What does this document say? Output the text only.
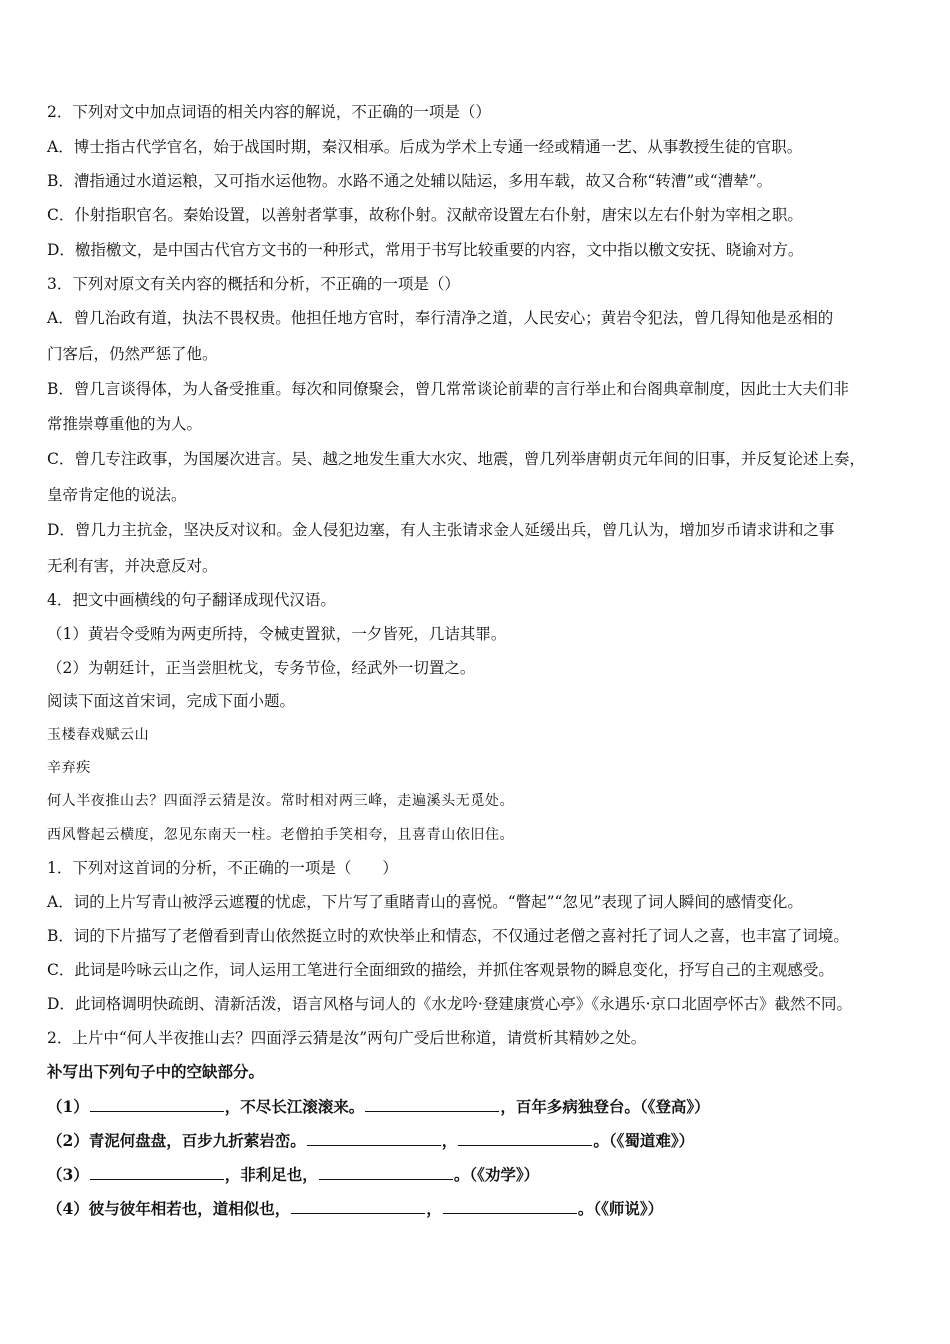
2．下列对文中加点词语的相关内容的解说，不正确的一项是（）
A．博士指古代学官名，始于战国时期，秦汉相承。后成为学术上专通一经或精通一艺、从事教授生徒的官职。
B．漕指通过水道运粮，又可指水运他物。水路不通之处辅以陆运，多用车载，故又合称“转漕”或“漕辇”。
C．仆射指职官名。秦始设置，以善射者掌事，故称仆射。汉献帝设置左右仆射，唐宋以左右仆射为宰相之职。
D．檄指檄文，是中国古代官方文书的一种形式，常用于书写比较重要的内容，文中指以檄文安抚、晓谕对方。
3．下列对原文有关内容的概括和分析，不正确的一项是（）
A．曾几治政有道，执法不畏权贵。他担任地方官时，奉行清净之道，人民安心；黄岩令犯法，曾几得知他是丞相的
门客后，仍然严惩了他。
B．曾几言谈得体，为人备受推重。每次和同僚聚会，曾几常常谈论前辈的言行举止和台阁典章制度，因此士大夫们非
常推崇尊重他的为人。
C．曾几专注政事，为国屡次进言。吴、越之地发生重大水灾、地震，曾几列举唐朝贞元年间的旧事，并反复论述上奏，
皇帝肯定他的说法。
D．曾几力主抗金，坚决反对议和。金人侵犯边塞，有人主张请求金人延缓出兵，曾几认为，增加岁币请求讲和之事
无利有害，并决意反对。
4．把文中画横线的句子翻译成现代汉语。
（1）黄岩令受贿为两吏所持，令械吏置狱，一夕皆死，几诘其罪。
（2）为朝廷计，正当尝胆枕戈，专务节俭，经武外一切置之。
阅读下面这首宋词，完成下面小题。
玉楼春戏赋云山
辛弃疾
何人半夜推山去？四面浮云猜是汝。常时相对两三峰，走遍溪头无觅处。
西风瞥起云横度，忽见东南天一柱。老僧拍手笑相夸，且喜青山依旧住。
1．下列对这首词的分析，不正确的一项是（　　）
A．词的上片写青山被浮云遮覆的忧虑，下片写了重睹青山的喜悦。“瞥起”“忽见”表现了词人瞬间的感情变化。
B．词的下片描写了老僧看到青山依然挺立时的欢快举止和情态，不仅通过老僧之喜衬托了词人之喜，也丰富了词境。
C．此词是吟咏云山之作，词人运用工笔进行全面细致的描绘，并抓住客观景物的瞬息变化，抒写自己的主观感受。
D．此词格调明快疏朗、清新活泼，语言风格与词人的《水龙吟·登建康赏心亭》《永遇乐·京口北固亭怀古》截然不同。
2．上片中“何人半夜推山去？四面浮云猜是汝”两句广受后世称道，请赏析其精妙之处。
补写出下列句子中的空缺部分。
（1）	，不尽长江滚滚来。	，百年多病独登台。（《登高》）
（2）青泥何盘盘，百步九折萦岩峦。	，	。（《蜀道难》）
（3）	，非利足也，	。（《劝学》）
（4）彼与彼年相若也，道相似也，	，	。（《师说》）
